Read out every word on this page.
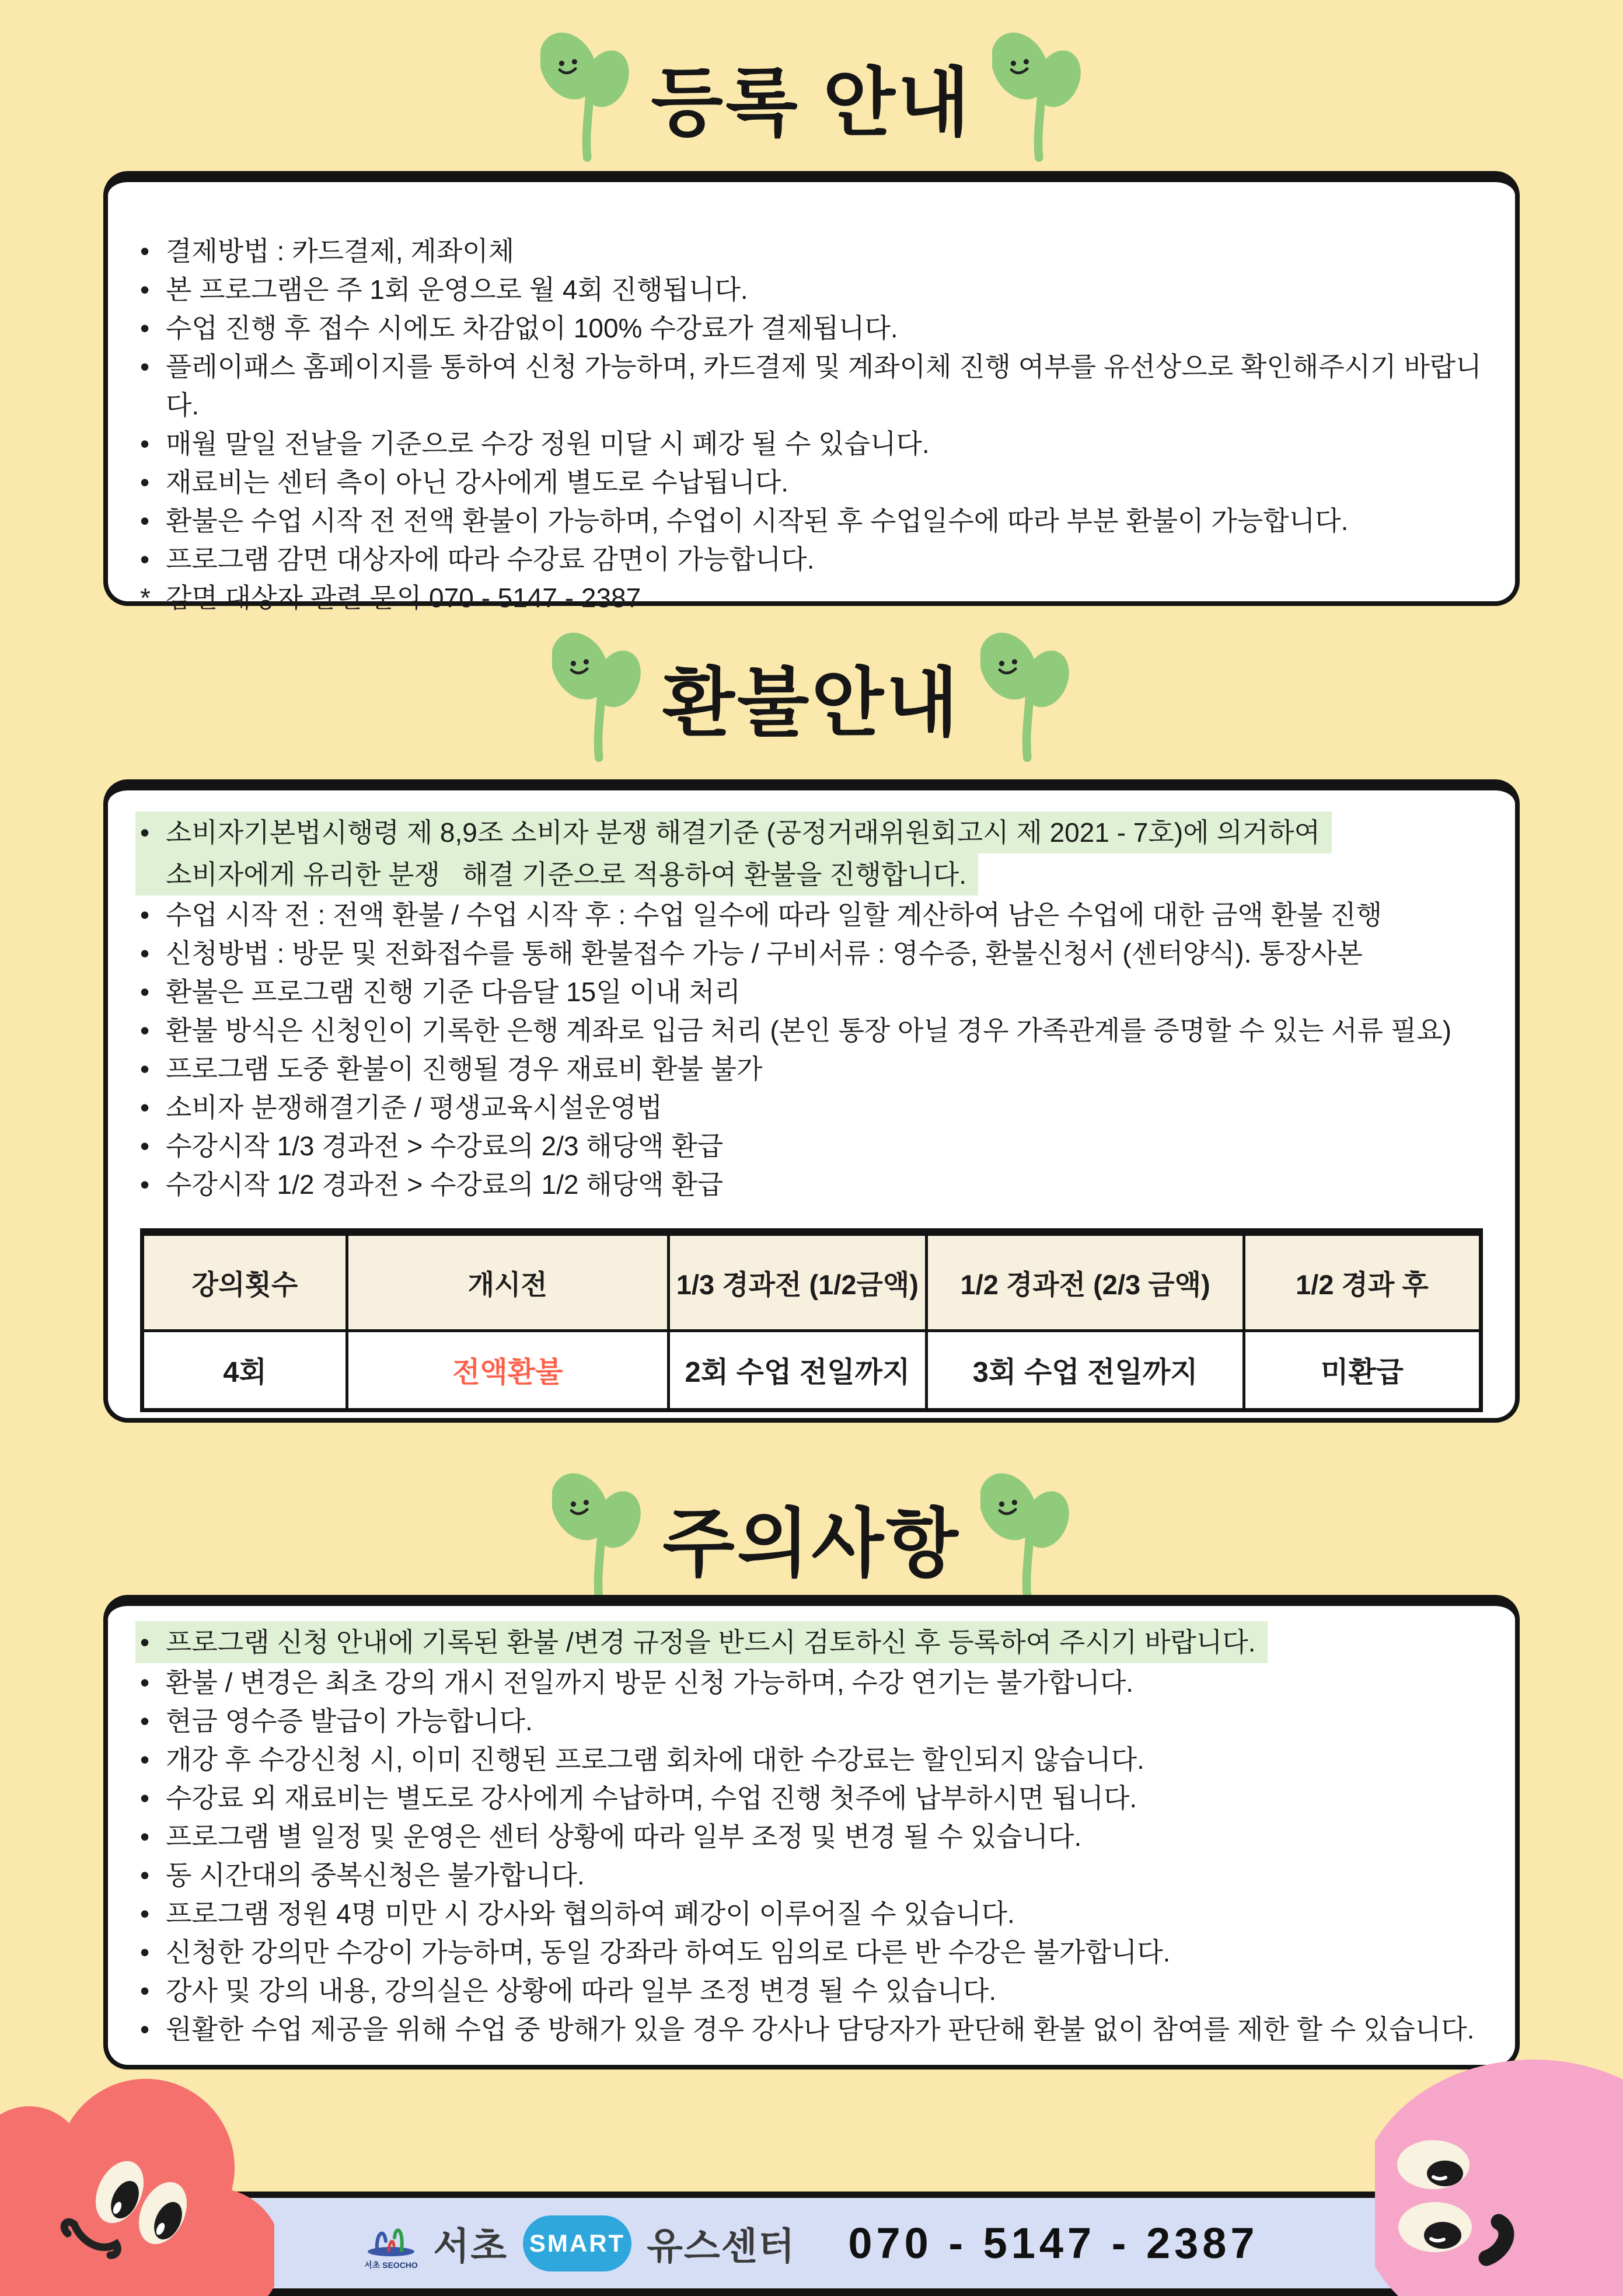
등록 안내
• 결제방법 : 카드결제, 계좌이체
• 본 프로그램은 주 1회 운영으로 월 4회 진행됩니다.
• 수업 진행 후 접수 시에도 차감없이 100% 수강료가 결제됩니다.
• 플레이패스 홈페이지를 통하여 신청 가능하며, 카드결제 및 계좌이체 진행 여부를 유선상으로 확인해주시기 바랍니다.
• 매월 말일 전날을 기준으로 수강 정원 미달 시 폐강 될 수 있습니다.
• 재료비는 센터 측이 아닌 강사에게 별도로 수납됩니다.
• 환불은 수업 시작 전 전액 환불이 가능하며, 수업이 시작된 후 수업일수에 따라 부분 환불이 가능합니다.
• 프로그램 감면 대상자에 따라 수강료 감면이 가능합니다.
* 감면 대상자 관련 문의 070 - 5147 - 2387
환불안내
• 소비자기본법시행령 제 8,9조 소비자 분쟁 해결기준 (공정거래위원회고시 제 2021 - 7호)에 의거하여

소비자에게 유리한 분쟁   해결 기준으로 적용하여 환불을 진행합니다.
• 수업 시작 전 : 전액 환불 / 수업 시작 후 : 수업 일수에 따라 일할 계산하여 남은 수업에 대한 금액 환불 진행
• 신청방법 : 방문 및 전화접수를 통해 환불접수 가능 / 구비서류 : 영수증, 환불신청서 (센터양식). 통장사본
• 환불은 프로그램 진행 기준 다음달 15일 이내 처리
• 환불 방식은 신청인이 기록한 은행 계좌로 입금 처리 (본인 통장 아닐 경우 가족관계를 증명할 수 있는 서류 필요)
• 프로그램 도중 환불이 진행될 경우 재료비 환불 불가
• 소비자 분쟁해결기준 / 평생교육시설운영법
• 수강시작 1/3 경과전 > 수강료의 2/3 해당액 환급
• 수강시작 1/2 경과전 > 수강료의 1/2 해당액 환급
강의횟수	개시전	1/3 경과전 (1/2금액)	1/2 경과전 (2/3 금액)	1/2 경과 후
4회	전액환불	2회 수업 전일까지	3회 수업 전일까지	미환급
주의사항
• 프로그램 신청 안내에 기록된 환불 /변경 규정을 반드시 검토하신 후 등록하여 주시기 바랍니다.
• 환불 / 변경은 최초 강의 개시 전일까지 방문 신청 가능하며, 수강 연기는 불가합니다.
• 현금 영수증 발급이 가능합니다.
• 개강 후 수강신청 시, 이미 진행된 프로그램 회차에 대한 수강료는 할인되지 않습니다.
• 수강료 외 재료비는 별도로 강사에게 수납하며, 수업 진행 첫주에 납부하시면 됩니다.
• 프로그램 별 일정 및 운영은 센터 상황에 따라 일부 조정 및 변경 될 수 있습니다.
• 동 시간대의 중복신청은 불가합니다.
• 프로그램 정원 4명 미만 시 강사와 협의하여 폐강이 이루어질 수 있습니다.
• 신청한 강의만 수강이 가능하며, 동일 강좌라 하여도 임의로 다른 반 수강은 불가합니다.
• 강사 및 강의 내용, 강의실은 상황에 따라 일부 조정 변경 될 수 있습니다.
• 원활한 수업 제공을 위해 수업 중 방해가 있을 경우 강사나 담당자가 판단해 환불 없이 참여를 제한 할 수 있습니다.
서초 SEOCHO 서초 SMART 유스센터 070 - 5147 - 2387
